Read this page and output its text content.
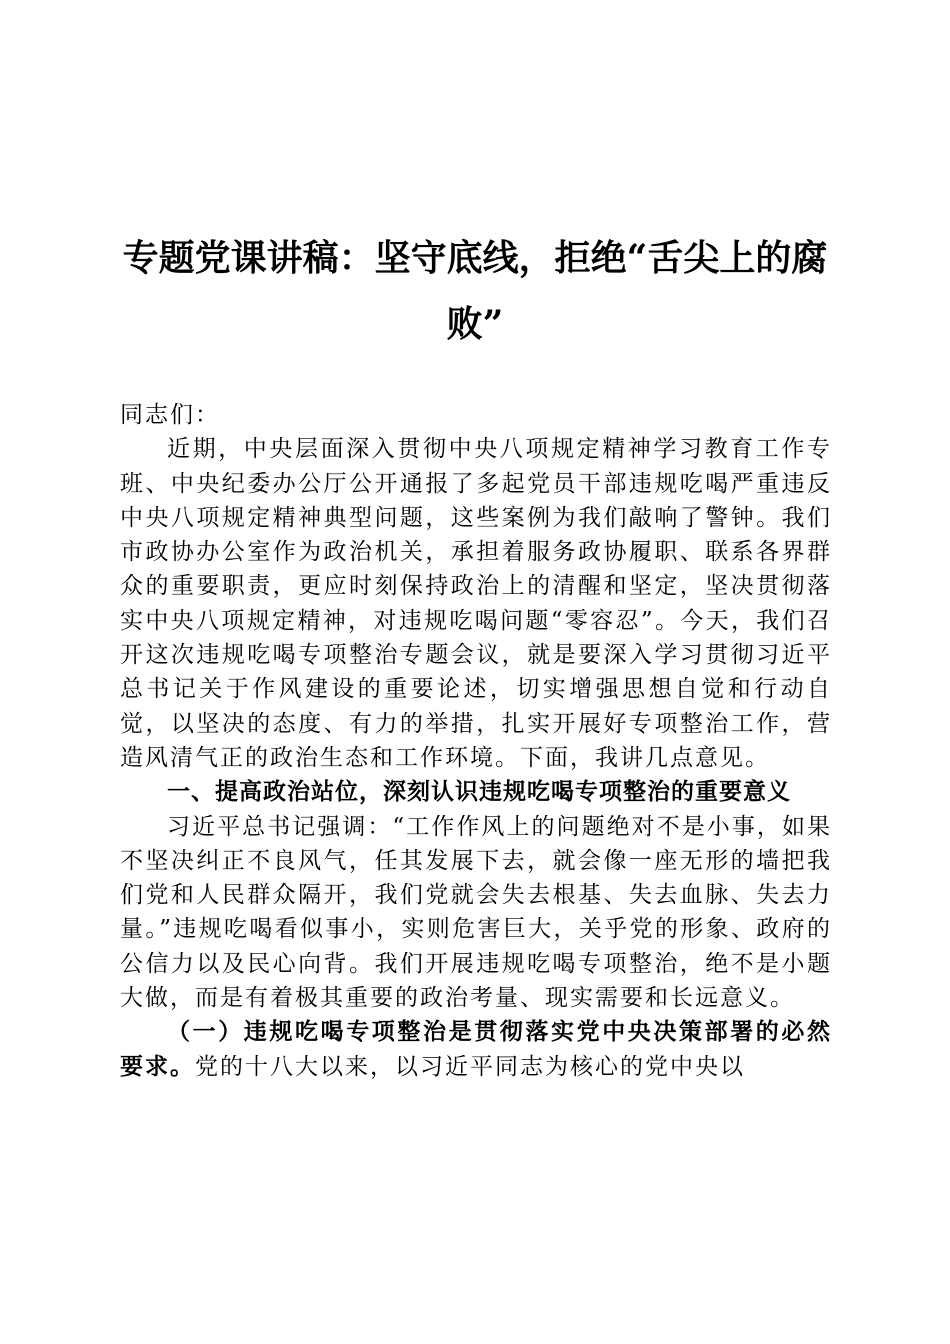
专题党课讲稿：坚守底线，拒绝“舌尖上的腐败”

同志们：

近期，中央层面深入贯彻中央八项规定精神学习教育工作专班、中央纪委办公厅公开通报了多起党员干部违规吃喝严重违反中央八项规定精神典型问题，这些案例为我们敲响了警钟。我们市政协办公室作为政治机关，承担着服务政协履职、联系各界群众的重要职责，更应时刻保持政治上的清醒和坚定，坚决贯彻落实中央八项规定精神，对违规吃喝问题“零容忍”。今天，我们召开这次违规吃喝专项整治专题会议，就是要深入学习贯彻习近平总书记关于作风建设的重要论述，切实增强思想自觉和行动自觉，以坚决的态度、有力的举措，扎实开展好专项整治工作，营造风清气正的政治生态和工作环境。下面，我讲几点意见。

一、提高政治站位，深刻认识违规吃喝专项整治的重要意义

习近平总书记强调：“工作作风上的问题绝对不是小事，如果不坚决纠正不良风气，任其发展下去，就会像一座无形的墙把我们党和人民群众隔开，我们党就会失去根基、失去血脉、失去力量。”违规吃喝看似事小，实则危害巨大，关乎党的形象、政府的公信力以及民心向背。我们开展违规吃喝专项整治，绝不是小题大做，而是有着极其重要的政治考量、现实需要和长远意义。

（一）违规吃喝专项整治是贯彻落实党中央决策部署的必然要求。党的十八大以来，以习近平同志为核心的党中央以
